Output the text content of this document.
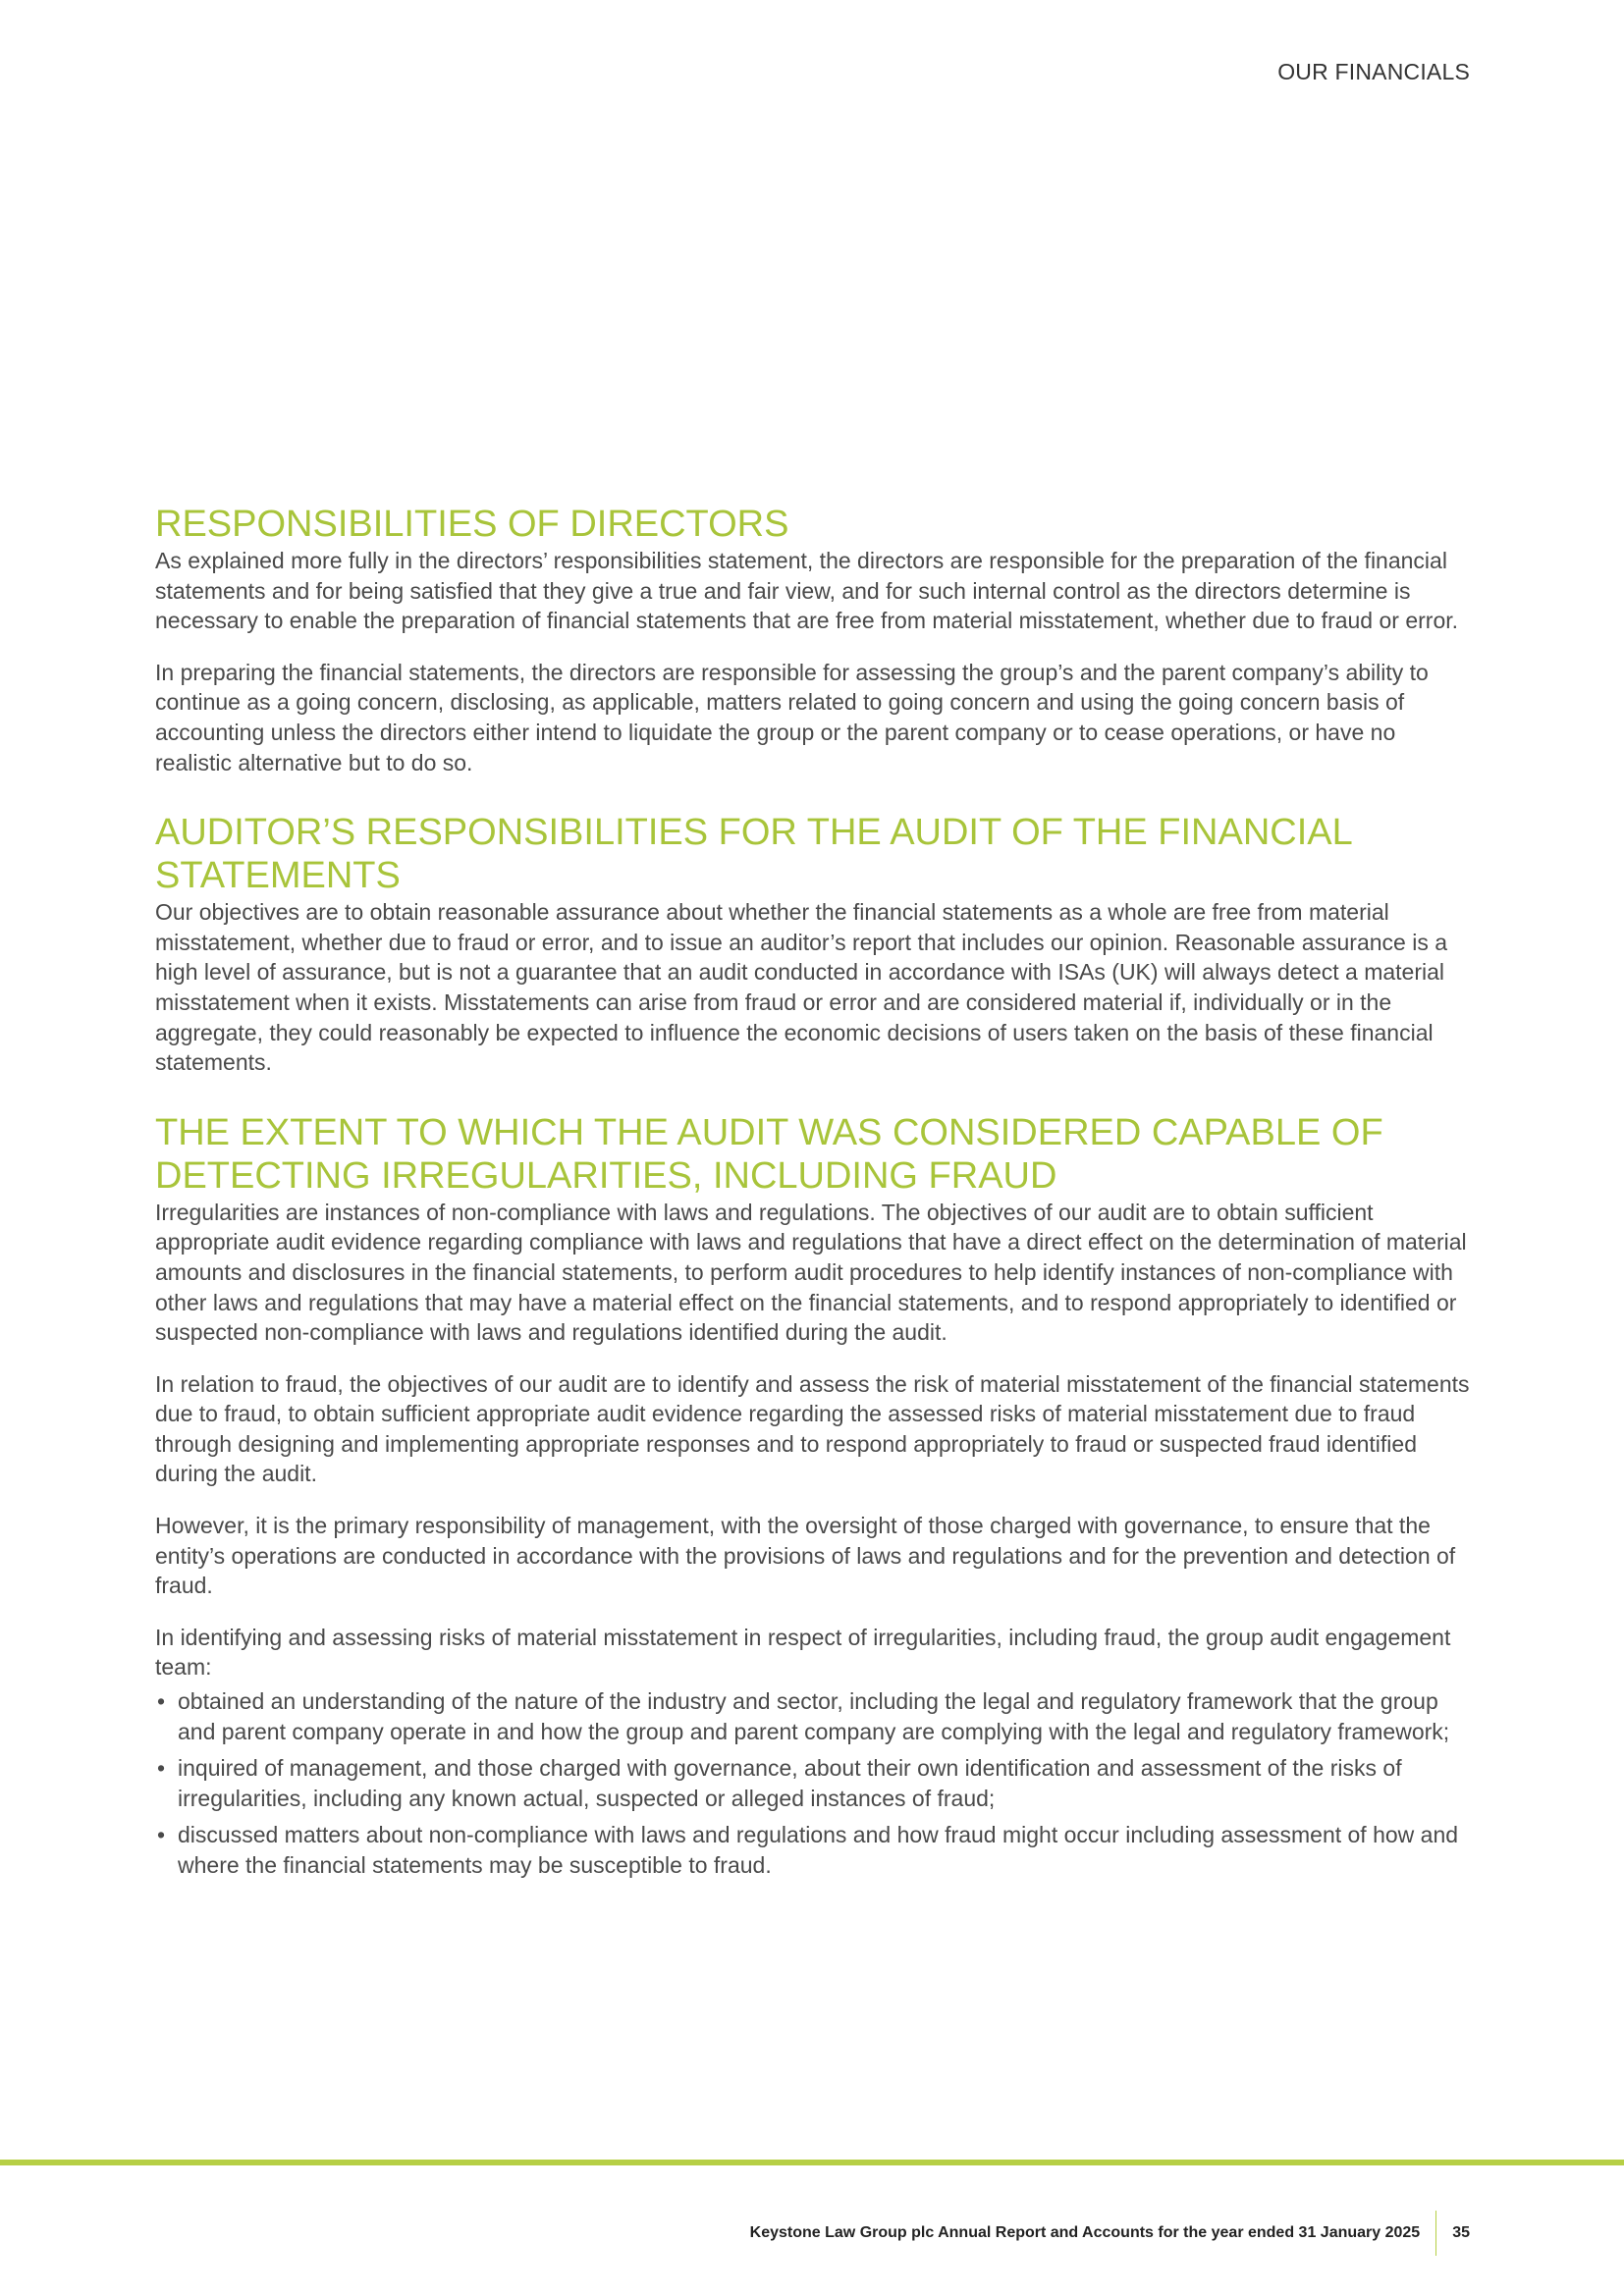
OUR FINANCIALS
RESPONSIBILITIES OF DIRECTORS

As explained more fully in the directors’ responsibilities statement, the directors are responsible for the preparation of the financial statements and for being satisfied that they give a true and fair view, and for such internal control as the directors determine is necessary to enable the preparation of financial statements that are free from material misstatement, whether due to fraud or error.

In preparing the financial statements, the directors are responsible for assessing the group’s and the parent company’s ability to continue as a going concern, disclosing, as applicable, matters related to going concern and using the going concern basis of accounting unless the directors either intend to liquidate the group or the parent company or to cease operations, or have no realistic alternative but to do so.

AUDITOR’S RESPONSIBILITIES FOR THE AUDIT OF THE FINANCIAL STATEMENTS

Our objectives are to obtain reasonable assurance about whether the financial statements as a whole are free from material misstatement, whether due to fraud or error, and to issue an auditor’s report that includes our opinion. Reasonable assurance is a high level of assurance, but is not a guarantee that an audit conducted in accordance with ISAs (UK) will always detect a material misstatement when it exists. Misstatements can arise from fraud or error and are considered material if, individually or in the aggregate, they could reasonably be expected to influence the economic decisions of users taken on the basis of these financial statements.

THE EXTENT TO WHICH THE AUDIT WAS CONSIDERED CAPABLE OF DETECTING IRREGULARITIES, INCLUDING FRAUD

Irregularities are instances of non-compliance with laws and regulations. The objectives of our audit are to obtain sufficient appropriate audit evidence regarding compliance with laws and regulations that have a direct effect on the determination of material amounts and disclosures in the financial statements, to perform audit procedures to help identify instances of non-compliance with other laws and regulations that may have a material effect on the financial statements, and to respond appropriately to identified or suspected non-compliance with laws and regulations identified during the audit.

In relation to fraud, the objectives of our audit are to identify and assess the risk of material misstatement of the financial statements due to fraud, to obtain sufficient appropriate audit evidence regarding the assessed risks of material misstatement due to fraud through designing and implementing appropriate responses and to respond appropriately to fraud or suspected fraud identified during the audit.

However, it is the primary responsibility of management, with the oversight of those charged with governance, to ensure that the entity’s operations are conducted in accordance with the provisions of laws and regulations and for the prevention and detection of fraud.

In identifying and assessing risks of material misstatement in respect of irregularities, including fraud, the group audit engagement team:

• obtained an understanding of the nature of the industry and sector, including the legal and regulatory framework that the group and parent company operate in and how the group and parent company are complying with the legal and regulatory framework;
• inquired of management, and those charged with governance, about their own identification and assessment of the risks of irregularities, including any known actual, suspected or alleged instances of fraud;
• discussed matters about non-compliance with laws and regulations and how fraud might occur including assessment of how and where the financial statements may be susceptible to fraud.
Keystone Law Group plc Annual Report and Accounts for the year ended 31 January 2025	35
